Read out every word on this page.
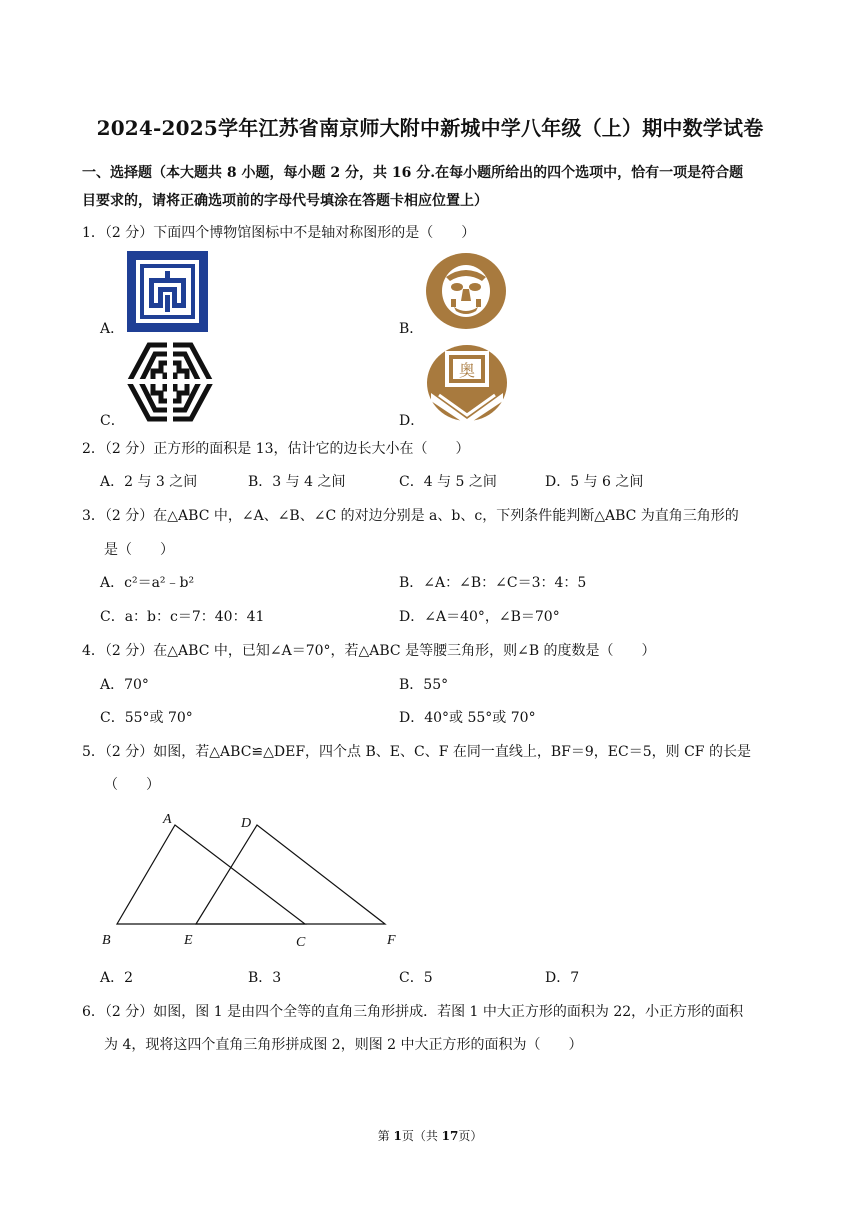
2024-2025学年江苏省南京师大附中新城中学八年级（上）期中数学试卷
一、选择题（本大题共 8 小题，每小题 2 分，共 16 分.在每小题所给出的四个选项中，恰有一项是符合题
目要求的，请将正确选项前的字母代号填涂在答题卡相应位置上）
1．（2 分）下面四个博物馆图标中不是轴对称图形的是（　　）
A．	B．
C．	D．
奥
2．（2 分）正方形的面积是 13，估计它的边长大小在（　　）
A．2 与 3 之间	B．3 与 4 之间	C．4 与 5 之间	D．5 与 6 之间
3．（2 分）在△ABC 中，∠A、∠B、∠C 的对边分别是 a、b、c，下列条件能判断△ABC 为直角三角形的
是（　　）
A．c²＝a²﹣b²	B．∠A：∠B：∠C＝3：4：5
C．a：b：c＝7：40：41	D．∠A＝40°，∠B＝70°
4．（2 分）在△ABC 中，已知∠A＝70°，若△ABC 是等腰三角形，则∠B 的度数是（　　）
A．70°	B．55°
C．55°或 70°	D．40°或 55°或 70°
5．（2 分）如图，若△ABC≌△DEF，四个点 B、E、C、F 在同一直线上，BF＝9，EC＝5，则 CF 的长是
（　　）
A	D
B	E	C	F
A．2	B．3	C．5	D．7
6．（2 分）如图，图 1 是由四个全等的直角三角形拼成．若图 1 中大正方形的面积为 22，小正方形的面积
为 4，现将这四个直角三角形拼成图 2，则图 2 中大正方形的面积为（　　）
第 1页（共 17页）
